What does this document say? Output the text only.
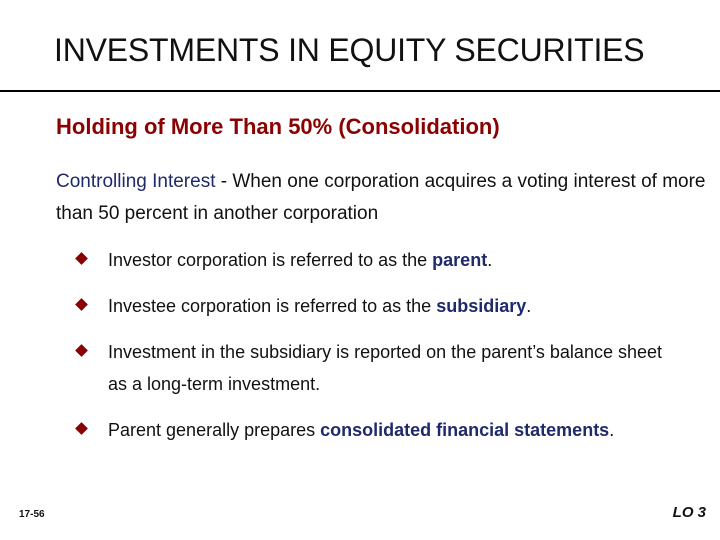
INVESTMENTS IN EQUITY SECURITIES
Holding of More Than 50% (Consolidation)
Controlling Interest - When one corporation acquires a voting interest of more than 50 percent in another corporation
Investor corporation is referred to as the parent.
Investee corporation is referred to as the subsidiary.
Investment in the subsidiary is reported on the parent’s balance sheet as a long-term investment.
Parent generally prepares consolidated financial statements.
17-56	LO 3
